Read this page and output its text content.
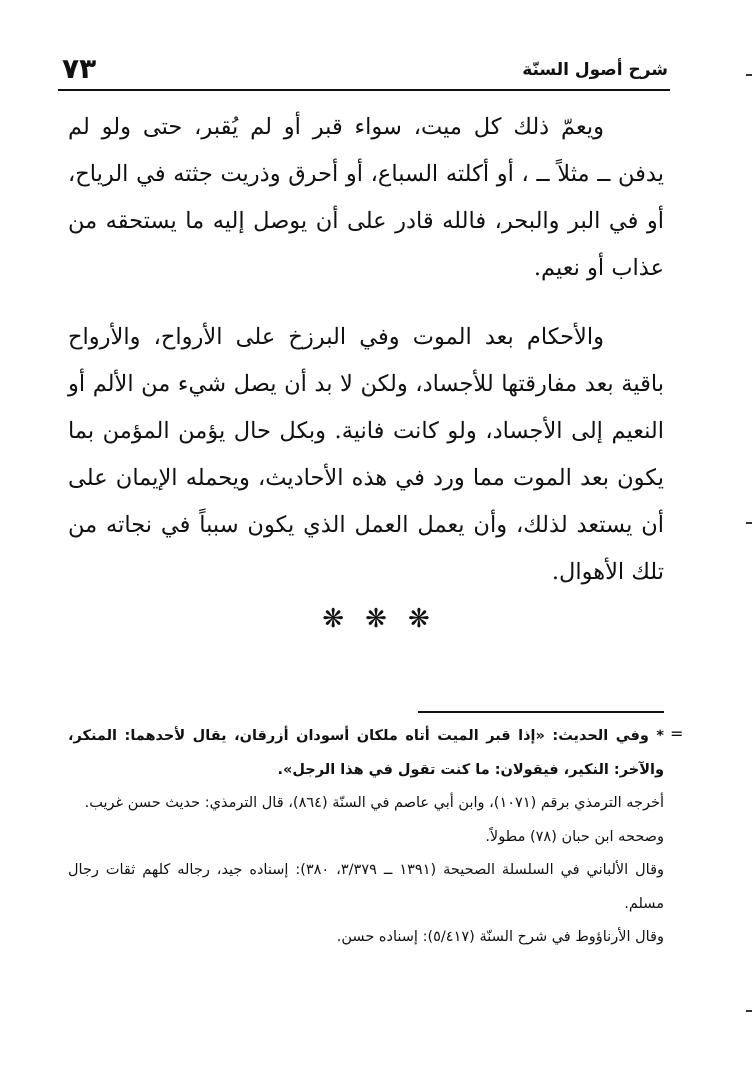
شرح أصول السنّة
٧٣

ويعمّ ذلك كل ميت، سواء قبر أو لم يُقبر، حتى ولو لم يدفن ــ مثلاً ــ ، أو أكلته السباع، أو أحرق وذريت جثته في الرياح، أو في البر والبحر، فالله قادر على أن يوصل إليه ما يستحقه من عذاب أو نعيم.

والأحكام بعد الموت وفي البرزخ على الأرواح، والأرواح باقية بعد مفارقتها للأجساد، ولكن لا بد أن يصل شيء من الألم أو النعيم إلى الأجساد، ولو كانت فانية. وبكل حال يؤمن المؤمن بما يكون بعد الموت مما ورد في هذه الأحاديث، ويحمله الإيمان على أن يستعد لذلك، وأن يعمل العمل الذي يكون سبباً في نجاته من تلك الأهوال.

❋ ❋ ❋
=

* وفي الحديث: «إذا قبر الميت أتاه ملكان أسودان أزرقان، يقال لأحدهما: المنكر، والآخر: النكير، فيقولان: ما كنت تقول في هذا الرجل».

أخرجه الترمذي برقم (١٠٧١)، وابن أبي عاصم في السنّة (٨٦٤)، قال الترمذي: حديث حسن غريب.

وصححه ابن حبان (٧٨) مطولاً.

وقال الألباني في السلسلة الصحيحة (١٣٩١ ــ ٣/٣٧٩، ٣٨٠): إسناده جيد، رجاله كلهم ثقات رجال مسلم.

وقال الأرناؤوط في شرح السنّة (٥/٤١٧): إسناده حسن.
